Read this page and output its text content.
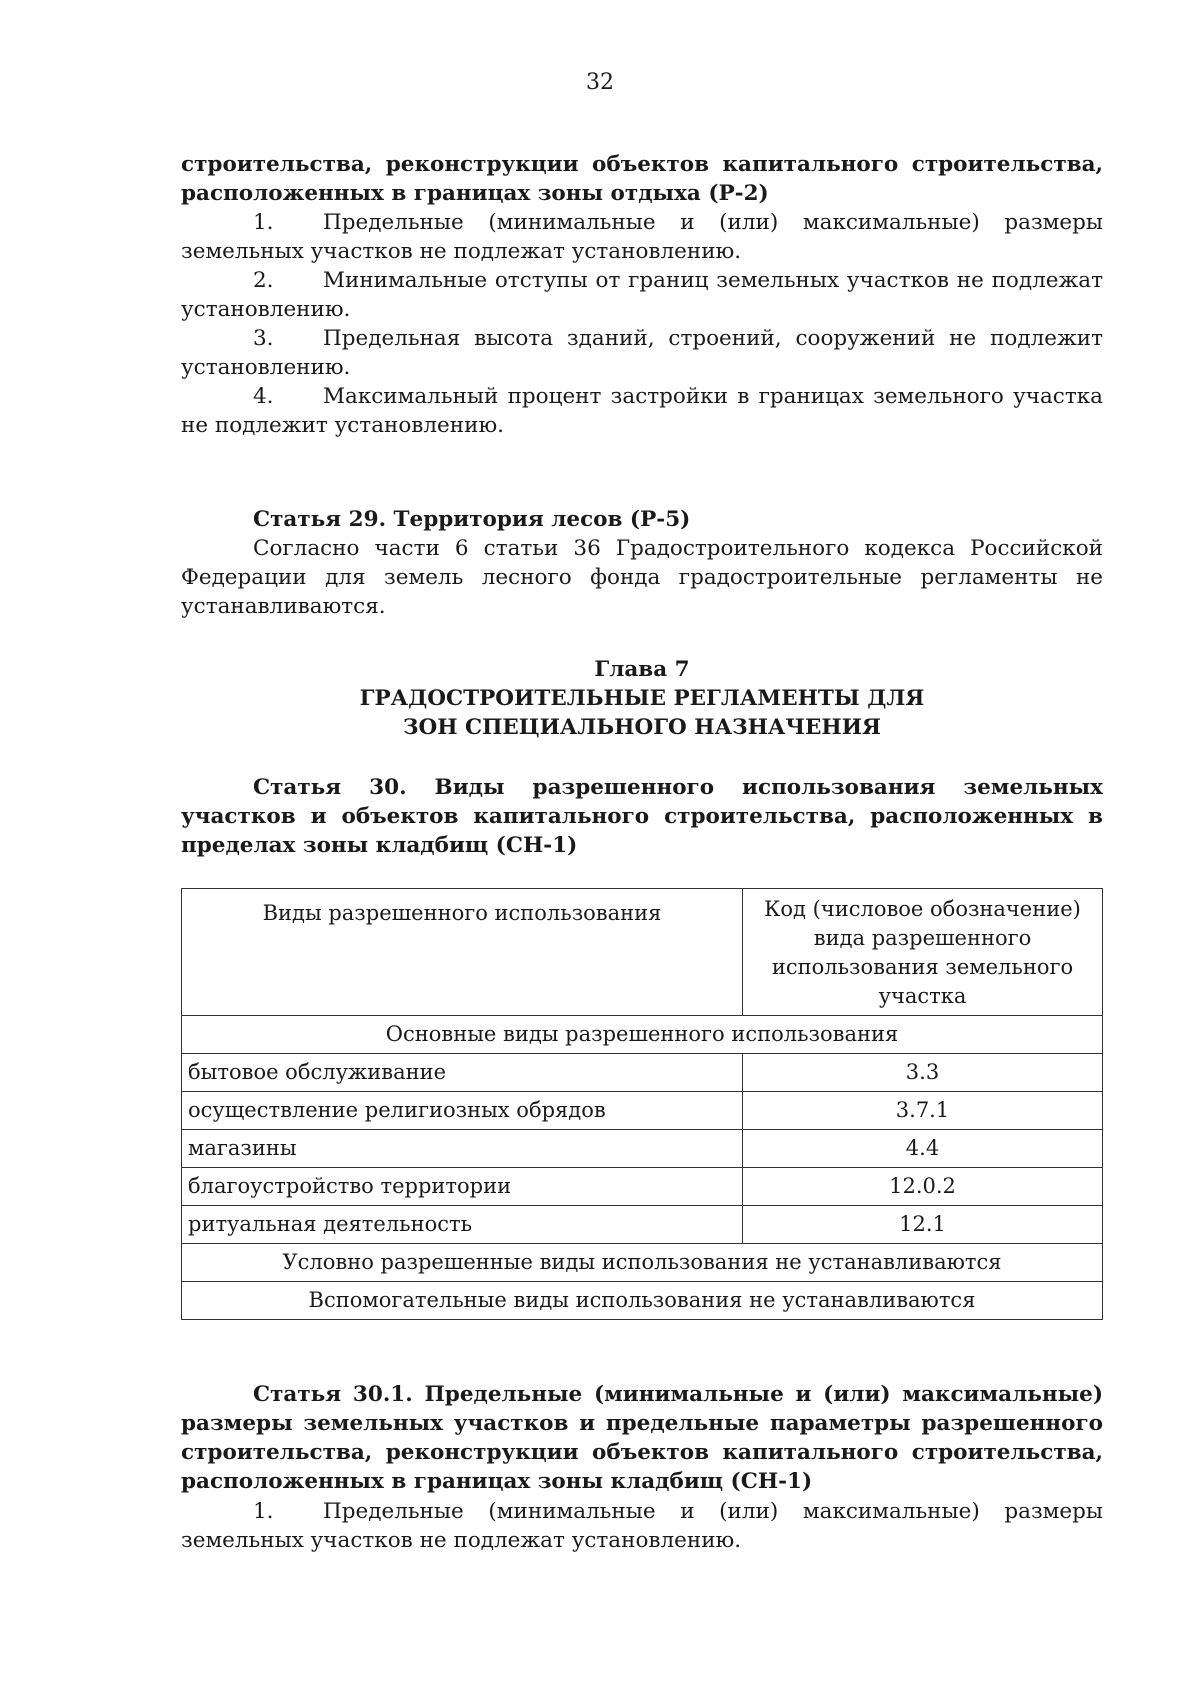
32
строительства, реконструкции объектов капитального строительства,
расположенных в границах зоны отдыха (Р-2)

1. Предельные (минимальные и (или) максимальные) размеры земельных участков не подлежат установлению.

2. Минимальные отступы от границ земельных участков не подлежат установлению.

3. Предельная высота зданий, строений, сооружений не подлежит установлению.

4. Максимальный процент застройки в границах земельного участка не подлежит установлению.

Статья 29. Территория лесов (Р-5)
Согласно части 6 статьи 36 Градостроительного кодекса Российской Федерации для земель лесного фонда градостроительные регламенты не устанавливаются.
Глава 7
ГРАДОСТРОИТЕЛЬНЫЕ РЕГЛАМЕНТЫ ДЛЯ
ЗОН СПЕЦИАЛЬНОГО НАЗНАЧЕНИЯ
Статья 30. Виды разрешенного использования земельных участков и объектов капитального строительства, расположенных в пределах зоны кладбищ (СН-1)
Виды разрешенного использования	Код (числовое обозначение) вида разрешенного использования земельного участка
Основные виды разрешенного использования	
бытовое обслуживание	3.3
осуществление религиозных обрядов	3.7.1
магазины	4.4
благоустройство территории	12.0.2
ритуальная деятельность	12.1
Условно разрешенные виды использования не устанавливаются	
Вспомогательные виды использования не устанавливаются	
Статья 30.1. Предельные (минимальные и (или) максимальные) размеры земельных участков и предельные параметры разрешенного строительства, реконструкции объектов капитального строительства, расположенных в границах зоны кладбищ (СН-1)

1. Предельные (минимальные и (или) максимальные) размеры земельных участков не подлежат установлению.
